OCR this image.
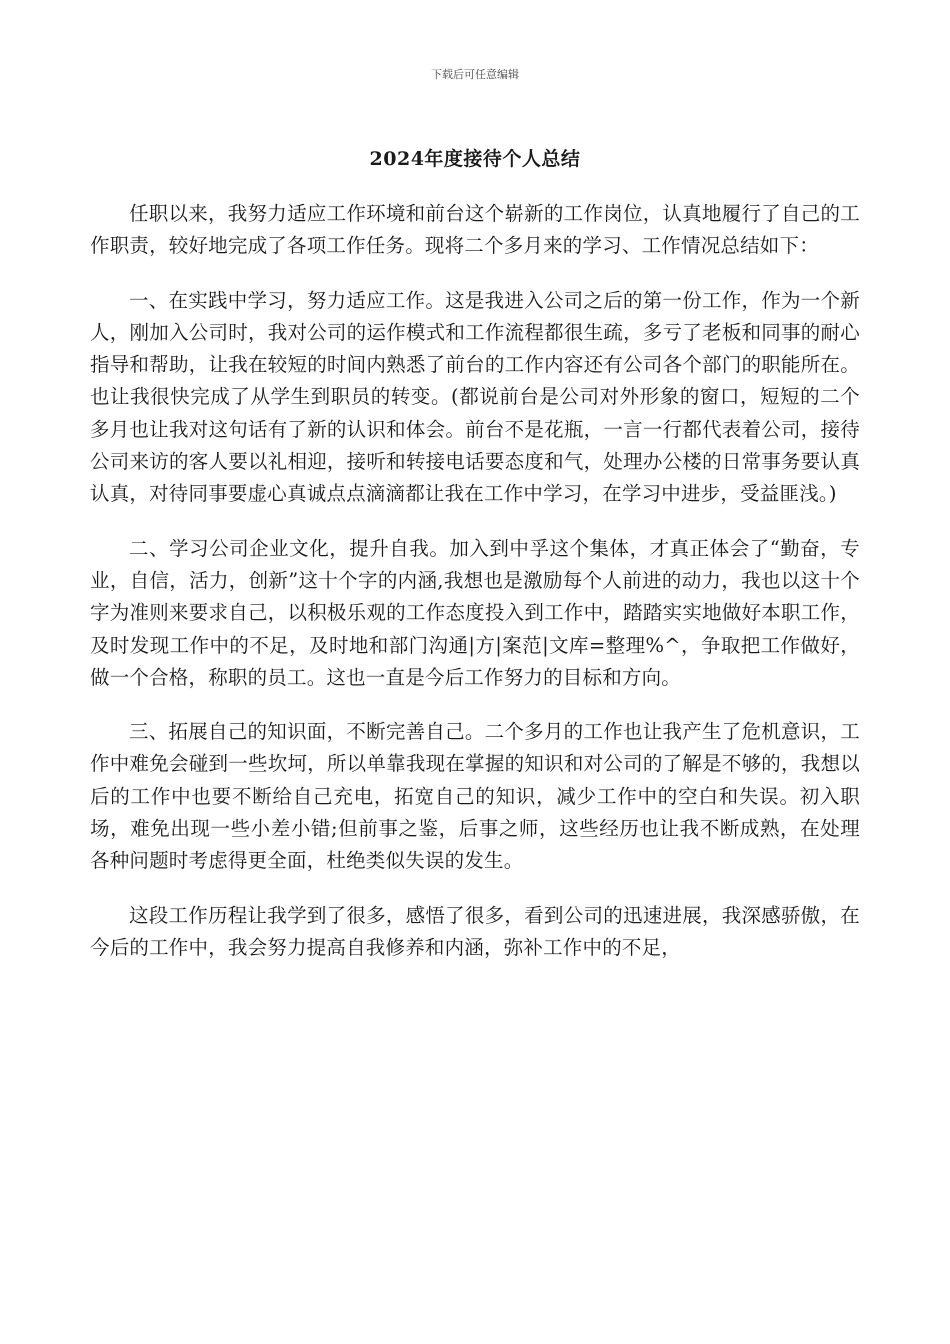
下载后可任意编辑
2024年度接待个人总结

任职以来，我努力适应工作环境和前台这个崭新的工作岗位，认真地履行了自己的工作职责，较好地完成了各项工作任务。现将二个多月来的学习、工作情况总结如下：

一、在实践中学习，努力适应工作。这是我进入公司之后的第一份工作，作为一个新人，刚加入公司时，我对公司的运作模式和工作流程都很生疏，多亏了老板和同事的耐心指导和帮助，让我在较短的时间内熟悉了前台的工作内容还有公司各个部门的职能所在。也让我很快完成了从学生到职员的转变。(都说前台是公司对外形象的窗口，短短的二个多月也让我对这句话有了新的认识和体会。前台不是花瓶，一言一行都代表着公司，接待公司来访的客人要以礼相迎，接听和转接电话要态度和气，处理办公楼的日常事务要认真认真，对待同事要虚心真诚点点滴滴都让我在工作中学习，在学习中进步，受益匪浅。)

二、学习公司企业文化，提升自我。加入到中孚这个集体，才真正体会了“勤奋，专业，自信，活力，创新”这十个字的内涵,我想也是激励每个人前进的动力，我也以这十个字为准则来要求自己，以积极乐观的工作态度投入到工作中，踏踏实实地做好本职工作，及时发现工作中的不足，及时地和部门沟通|方|案范|文库=整理%^，争取把工作做好，做一个合格，称职的员工。这也一直是今后工作努力的目标和方向。

三、拓展自己的知识面，不断完善自己。二个多月的工作也让我产生了危机意识，工作中难免会碰到一些坎坷，所以单靠我现在掌握的知识和对公司的了解是不够的，我想以后的工作中也要不断给自己充电，拓宽自己的知识，减少工作中的空白和失误。初入职场，难免出现一些小差小错;但前事之鉴，后事之师，这些经历也让我不断成熟，在处理各种问题时考虑得更全面，杜绝类似失误的发生。

这段工作历程让我学到了很多，感悟了很多，看到公司的迅速进展，我深感骄傲，在今后的工作中，我会努力提高自我修养和内涵，弥补工作中的不足，
